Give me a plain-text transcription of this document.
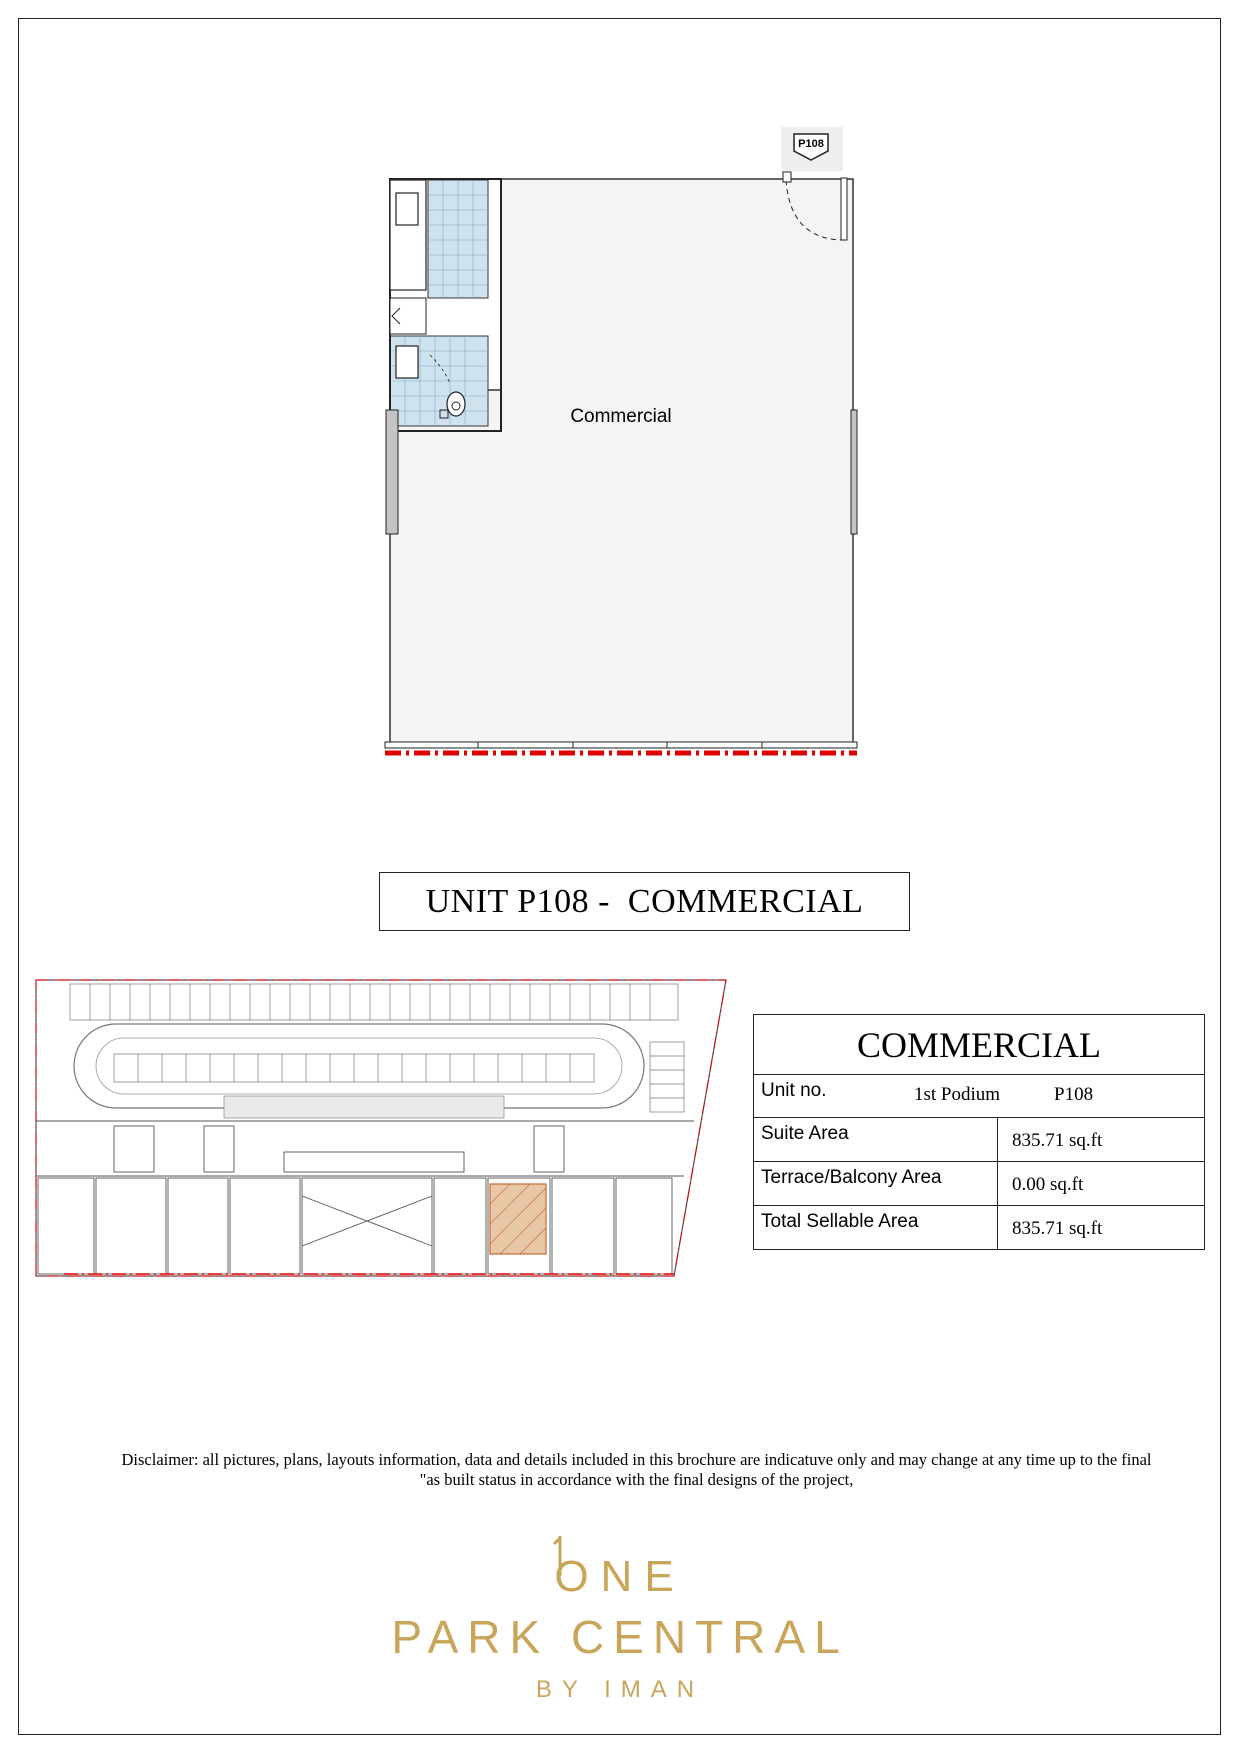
P108
Commercial
UNIT P108 -  COMMERCIAL
COMMERCIAL
Unit no.	1st Podium	P108
Suite Area	835.71 sq.ft
Terrace/Balcony Area	0.00 sq.ft
Total Sellable Area	835.71 sq.ft
Disclaimer: all pictures, plans, layouts information, data and details included in this brochure are indicatuve only and may change at any time up to the final
"as built status in accordance with the final designs of the project,
ONE
PARK CENTRAL
BY IMAN
